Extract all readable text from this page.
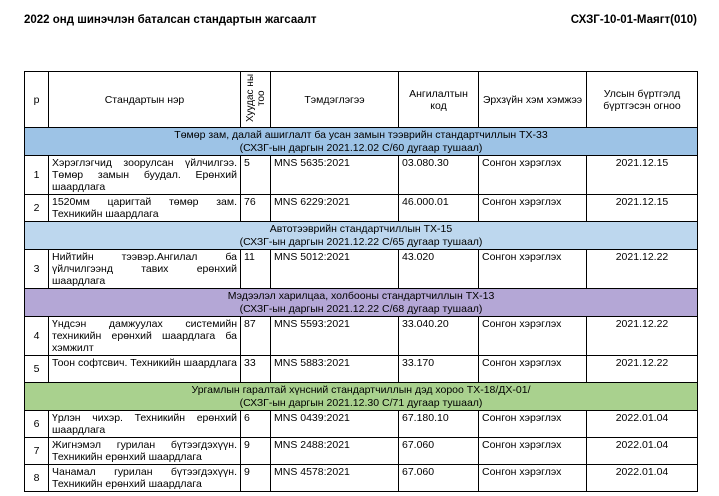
2022 онд шинэчлэн баталсан стандартын жагсаалт	СХЗГ-10-01-Маягт(010)
р	Стандартын нэр	Хуудас ны тоо	Тэмдэглэгээ	Ангилалтын код	Эрхзүйн хэм хэмжээ	Улсын бүртгэлд бүртгэсэн огноо

Төмөр зам, далай ашиглалт ба усан замын тээврийн стандартчиллын ТХ-33
(СХЗГ-ын даргын 2021.12.02 С/60 дугаар тушаал)						

1	Хэрэглэгчид зоорулсан үйлчилгээ. Төмөр замын буудал. Ерөнхий шаардлага	5	MNS 5635:2021	03.080.30	Сонгон хэрэглэх	2021.12.15
2	1520мм царигтай төмөр зам. Техникийн шаардлага	76	MNS 6229:2021	46.000.01	Сонгон хэрэглэх	2021.12.15

Автотээврийн стандартчиллын ТХ-15
(СХЗГ-ын даргын 2021.12.22 С/65 дугаар тушаал)						

3	Нийтийн тээвэр.Ангилал ба үйлчилгээнд тавих ерөнхий шаардлага	11	MNS 5012:2021	43.020	Сонгон хэрэглэх	2021.12.22

Мэдээлэл харилцаа, холбооны стандартчиллын ТХ-13
(СХЗГ-ын даргын 2021.12.22 С/68 дугаар тушаал)						

4	Үндсэн дамжуулах системийн техникийн ерөнхий шаардлага ба хэмжилт	87	MNS 5593:2021	33.040.20	Сонгон хэрэглэх	2021.12.22
5	Тоон софтсвич. Техникийн шаардлага	33	MNS 5883:2021	33.170	Сонгон хэрэглэх	2021.12.22

Ургамлын гаралтай хүнсний стандартчиллын дэд хороо ТХ-18/ДХ-01/
(СХЗГ-ын даргын 2021.12.30 С/71 дугаар тушаал)						

6	Үрлэн чихэр. Техникийн ерөнхий шаардлага	6	MNS 0439:2021	67.180.10	Сонгон хэрэглэх	2022.01.04
7	Жигнэмэл гурилан бүтээгдэхүүн. Техникийн ерөнхий шаардлага	9	MNS 2488:2021	67.060	Сонгон хэрэглэх	2022.01.04
8	Чанамал гурилан бүтээгдэхүүн. Техникийн ерөнхий шаардлага	9	MNS 4578:2021	67.060	Сонгон хэрэглэх	2022.01.04
